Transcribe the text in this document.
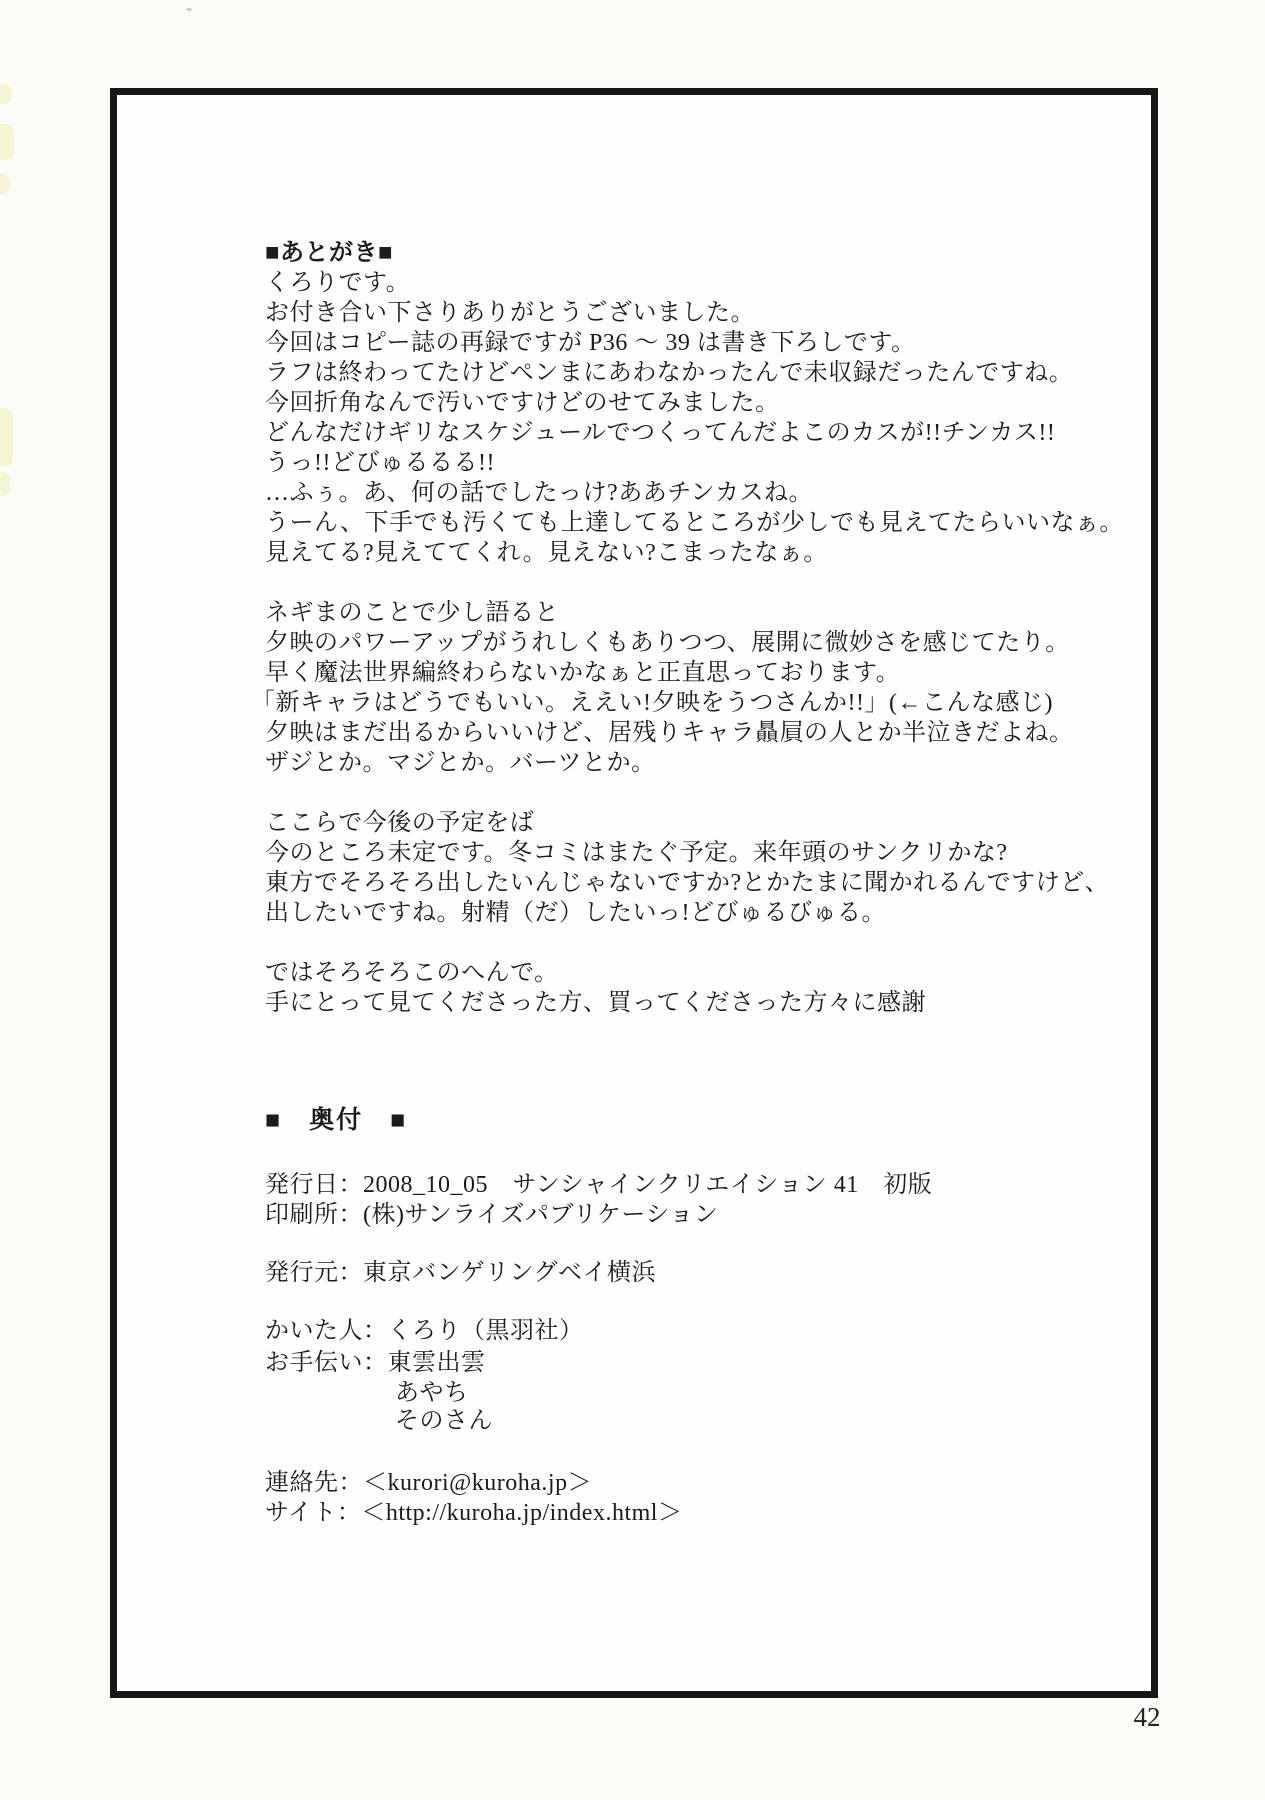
■あとがき■
くろりです。
お付き合い下さりありがとうございました。
今回はコピー誌の再録ですが P36 ～ 39 は書き下ろしです。
ラフは終わってたけどペンまにあわなかったんで未収録だったんですね。
今回折角なんで汚いですけどのせてみました。
どんなだけギリなスケジュールでつくってんだよこのカスが!!チンカス!!
うっ!!どびゅるるる!!
…ふぅ。あ、何の話でしたっけ?ああチンカスね。
うーん、下手でも汚くても上達してるところが少しでも見えてたらいいなぁ。
見えてる?見えててくれ。見えない?こまったなぁ。
ネギまのことで少し語ると
夕映のパワーアップがうれしくもありつつ、展開に微妙さを感じてたり。
早く魔法世界編終わらないかなぁと正直思っております。
「新キャラはどうでもいい。ええい!夕映をうつさんか!!」(←こんな感じ)
夕映はまだ出るからいいけど、居残りキャラ贔屓の人とか半泣きだよね。
ザジとか。マジとか。バーツとか。
ここらで今後の予定をば
今のところ未定です。冬コミはまたぐ予定。来年頭のサンクリかな?
東方でそろそろ出したいんじゃないですか?とかたまに聞かれるんですけど、
出したいですね。射精（だ）したいっ!どびゅるびゅる。
ではそろそろこのへんで。
手にとって見てくださった方、買ってくださった方々に感謝
■　奥付　■
発行日：2008_10_05　サンシャインクリエイション 41　初版
印刷所：(株)サンライズパブリケーション
発行元：東京バンゲリングベイ横浜
かいた人：くろり（黒羽社）
お手伝い：東雲出雲
あやち
そのさん
連絡先：＜kurori@kuroha.jp＞
サイト：＜http://kuroha.jp/index.html＞
42
